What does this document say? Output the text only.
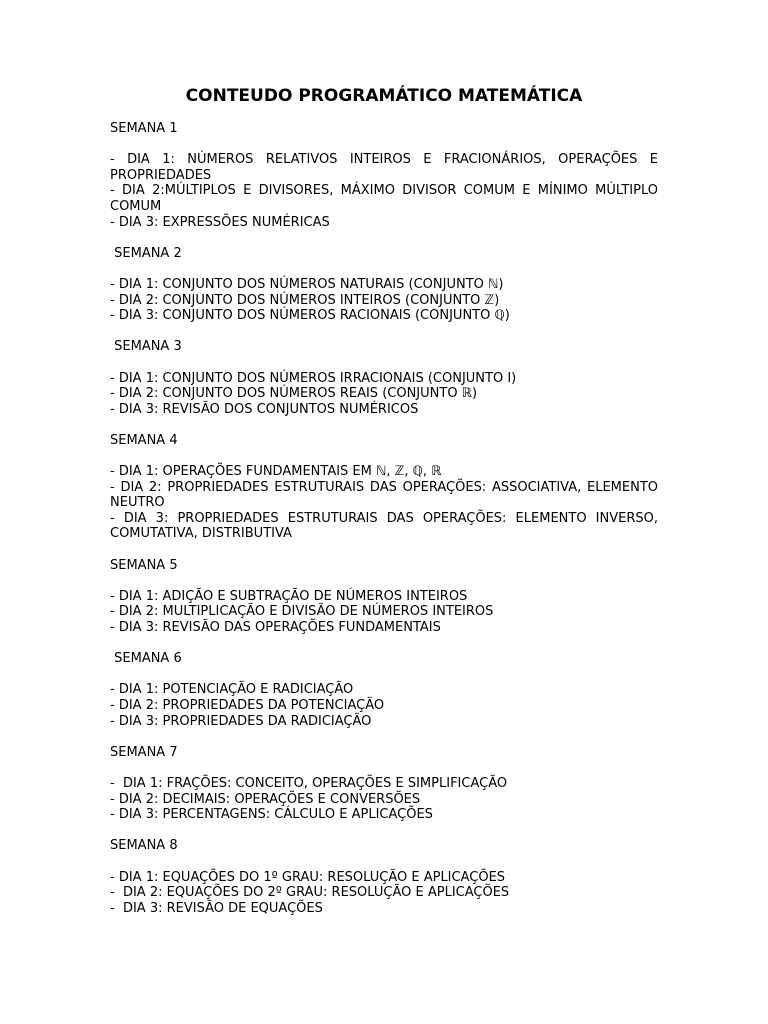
CONTEUDO PROGRAMÁTICO MATEMÁTICA
SEMANA 1
- DIA 1: NÚMEROS RELATIVOS INTEIROS E FRACIONÁRIOS, OPERAÇÕES E PROPRIEDADES
- DIA 2:MÚLTIPLOS E DIVISORES, MÁXIMO DIVISOR COMUM E MÍNIMO MÚLTIPLO COMUM
- DIA 3: EXPRESSÕES NUMÉRICAS
SEMANA 2
- DIA 1: CONJUNTO DOS NÚMEROS NATURAIS (CONJUNTO ℕ)
- DIA 2: CONJUNTO DOS NÚMEROS INTEIROS (CONJUNTO ℤ)
- DIA 3: CONJUNTO DOS NÚMEROS RACIONAIS (CONJUNTO ℚ)
SEMANA 3
- DIA 1: CONJUNTO DOS NÚMEROS IRRACIONAIS (CONJUNTO I)
- DIA 2: CONJUNTO DOS NÚMEROS REAIS (CONJUNTO ℝ)
- DIA 3: REVISÃO DOS CONJUNTOS NUMÉRICOS
SEMANA 4
- DIA 1: OPERAÇÕES FUNDAMENTAIS EM ℕ, ℤ, ℚ, ℝ
- DIA 2: PROPRIEDADES ESTRUTURAIS DAS OPERAÇÕES: ASSOCIATIVA, ELEMENTO NEUTRO
- DIA 3: PROPRIEDADES ESTRUTURAIS DAS OPERAÇÕES: ELEMENTO INVERSO, COMUTATIVA, DISTRIBUTIVA
SEMANA 5
- DIA 1: ADIÇÃO E SUBTRAÇÃO DE NÚMEROS INTEIROS
- DIA 2: MULTIPLICAÇÃO E DIVISÃO DE NÚMEROS INTEIROS
- DIA 3: REVISÃO DAS OPERAÇÕES FUNDAMENTAIS
SEMANA 6
- DIA 1: POTENCIAÇÃO E RADICIAÇÃO
- DIA 2: PROPRIEDADES DA POTENCIAÇÃO
- DIA 3: PROPRIEDADES DA RADICIAÇÃO
SEMANA 7
-  DIA 1: FRAÇÕES: CONCEITO, OPERAÇÕES E SIMPLIFICAÇÃO
- DIA 2: DECIMAIS: OPERAÇÕES E CONVERSÕES
- DIA 3: PERCENTAGENS: CÁLCULO E APLICAÇÕES
SEMANA 8
- DIA 1: EQUAÇÕES DO 1º GRAU: RESOLUÇÃO E APLICAÇÕES
-  DIA 2: EQUAÇÕES DO 2º GRAU: RESOLUÇÃO E APLICAÇÕES
-  DIA 3: REVISÃO DE EQUAÇÕES
